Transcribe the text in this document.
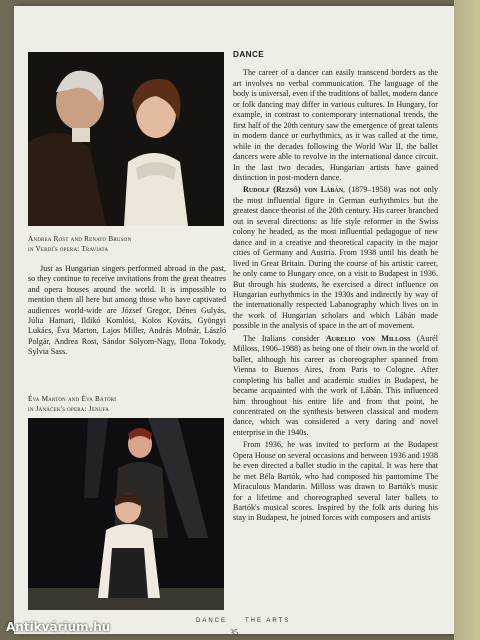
Andrea Rost and Renato Bruson
in Verdi's opera: Traviata

Just as Hungarian singers performed abroad in the past, so they continue to receive invitations from the great theatres and opera houses around the world. It is impossible to mention them all here but among those who have captivated audiences world-wide are József Gregor, Dénes Gulyás, Júlia Hamari, Ildikó Komlósi, Kolos Kováts, Gyöngyi Lukács, Éva Marton, Lajos Miller, András Molnár, László Polgár, Andrea Rost, Sándor Sólyom-Nagy, Ilona Tokody, Sylvia Sass.

Éva Marton and Éva Bátori
in Janáček's opera: Jenufa
DANCE

The career of a dancer can easily transcend borders as the art involves no verbal communication. The language of the body is universal, even if the traditions of ballet, modern dance or folk dancing may differ in various cultures. In Hungary, for example, in contrast to contemporary international trends, the first half of the 20th century saw the emergence of great talents in modern dance or eurhythmics, as it was called at the time, while in the decades following the World War II, the ballet dancers were able to revolve in the international dance circuit. In the last two decades, Hungarian artists have gained distinction in post-modern dance.

Rudolf (Rezső) von Lábán, (1879–1958) was not only the most influential figure in German eurhythmics but the greatest dance theorist of the 20th century. His career branched out in several directions: as life style reformer in the Swiss colony he headed, as the most influential pedagogue of new dance and in a creative and theoretical capacity in the major cities of Germany and Austria. From 1938 until his death he lived in Great Britain. During the course of his artistic career, he only came to Hungary once, on a visit to Budapest in 1936. But through his students, he exercised a direct influence on Hungarian eurhythmics in the 1930s and indirectly by way of the internationally respected Labanography which lives on in the work of Hungarian scholars and which Lábán made possible in the analysis of space in the art of movement.

The Italians consider Aurelio von Milloss (Aurél Milloss, 1906–1988) as being one of their own in the world of ballet, although his career as choreographer spanned from Vienna to Buenos Aires, from Paris to Cologne. After completing his ballet and academic studies in Budapest, he became acquainted with the work of Lábán. This influenced him throughout his entire life and from that point, he concentrated on the synthesis between classical and modern dance, which was considered a very daring and novel enterprise in the 1940s.

From 1936, he was invited to perform at the Budapest Opera House on several occasions and between 1936 and 1938 he even directed a ballet studio in the capital. It was here that he met Béla Bartók, who had composed his pantomime The Miraculous Mandarin. Milloss was drawn to Bartók's music for a lifetime and choreographed several later ballets to Bartók's musical scores. Inspired by the folk arts during his stay in Budapest, he joined forces with composers and artists

DANCE	THE ARTS
35
Antikvárium.hu
